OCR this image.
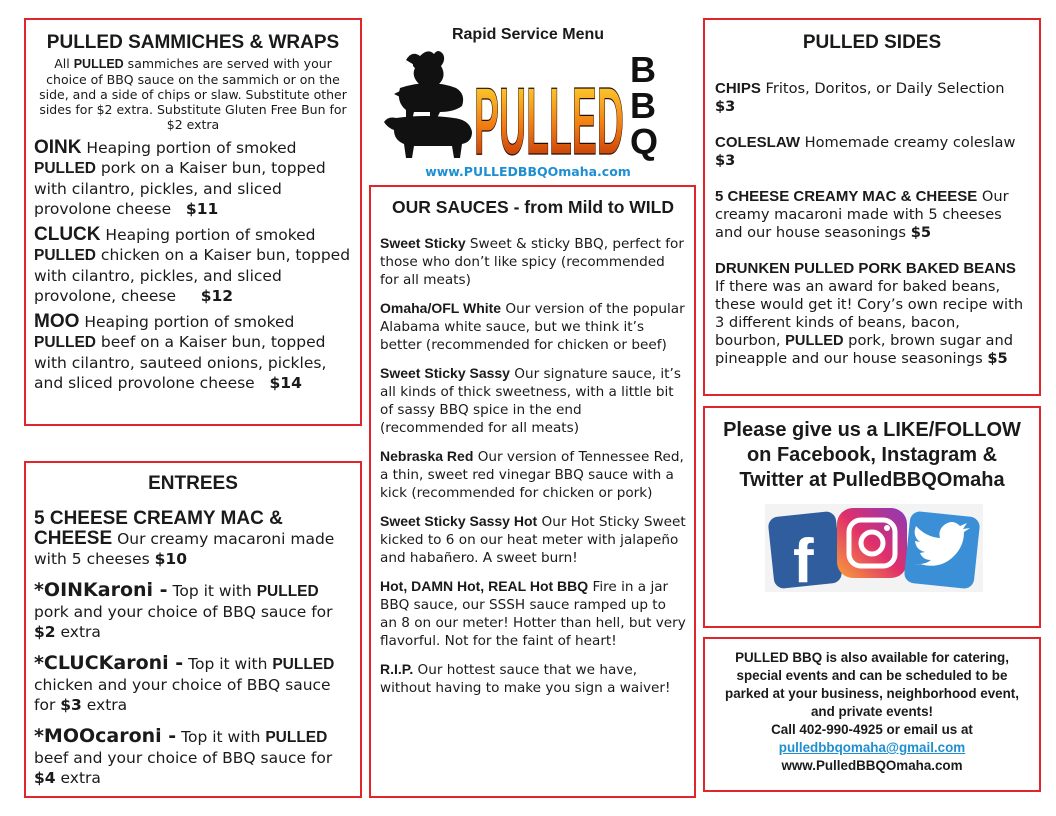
PULLED SAMMICHES & WRAPS

All PULLED sammiches are served with your choice of BBQ sauce on the sammich or on the side, and a side of chips or slaw. Substitute other sides for $2 extra. Substitute Gluten Free Bun for $2 extra

OINK Heaping portion of smoked PULLED pork on a Kaiser bun, topped with cilantro, pickles, and sliced provolone cheese   $11

CLUCK Heaping portion of smoked PULLED chicken on a Kaiser bun, topped with cilantro, pickles, and sliced provolone, cheese     $12

MOO Heaping portion of smoked PULLED beef on a Kaiser bun, topped with cilantro, sauteed onions, pickles, and sliced provolone cheese   $14

ENTREES

5 CHEESE CREAMY MAC & CHEESE Our creamy macaroni made with 5 cheeses $10

*OINKaroni - Top it with PULLED pork and your choice of BBQ sauce for $2 extra

*CLUCKaroni - Top it with PULLED chicken and your choice of BBQ sauce for $3 extra

*MOOcaroni - Top it with PULLED beef and your choice of BBQ sauce for $4 extra

Rapid Service Menu
PULLED B
B
Q
www.PULLEDBBQOmaha.com
OUR SAUCES - from Mild to WILD

Sweet Sticky Sweet & sticky BBQ, perfect for those who don’t like spicy (recommended for all meats)

Omaha/OFL White Our version of the popular Alabama white sauce, but we think it’s better (recommended for chicken or beef)

Sweet Sticky Sassy Our signature sauce, it’s all kinds of thick sweetness, with a little bit of sassy BBQ spice in the end (recommended for all meats)

Nebraska Red Our version of Tennessee Red, a thin, sweet red vinegar BBQ sauce with a kick (recommended for chicken or pork)

Sweet Sticky Sassy Hot Our Hot Sticky Sweet kicked to 6 on our heat meter with jalapeño and habañero. A sweet burn!

Hot, DAMN Hot, REAL Hot BBQ Fire in a jar BBQ sauce, our SSSH sauce ramped up to an 8 on our meter! Hotter than hell, but very flavorful. Not for the faint of heart!

R.I.P. Our hottest sauce that we have, without having to make you sign a waiver!

PULLED SIDES

CHIPS Fritos, Doritos, or Daily Selection $3

COLESLAW Homemade creamy coleslaw $3

5 CHEESE CREAMY MAC & CHEESE Our creamy macaroni made with 5 cheeses and our house seasonings $5

DRUNKEN PULLED PORK BAKED BEANS
If there was an award for baked beans, these would get it! Cory’s own recipe with 3 different kinds of beans, bacon, bourbon, PULLED pork, brown sugar and pineapple and our house seasonings $5

Please give us a LIKE/FOLLOW on Facebook, Instagram & Twitter at PulledBBQOmaha
f
PULLED BBQ is also available for catering, special events and can be scheduled to be parked at your business, neighborhood event, and private events!
Call 402-990-4925 or email us at
pulledbbqomaha@gmail.com
www.PulledBBQOmaha.com
